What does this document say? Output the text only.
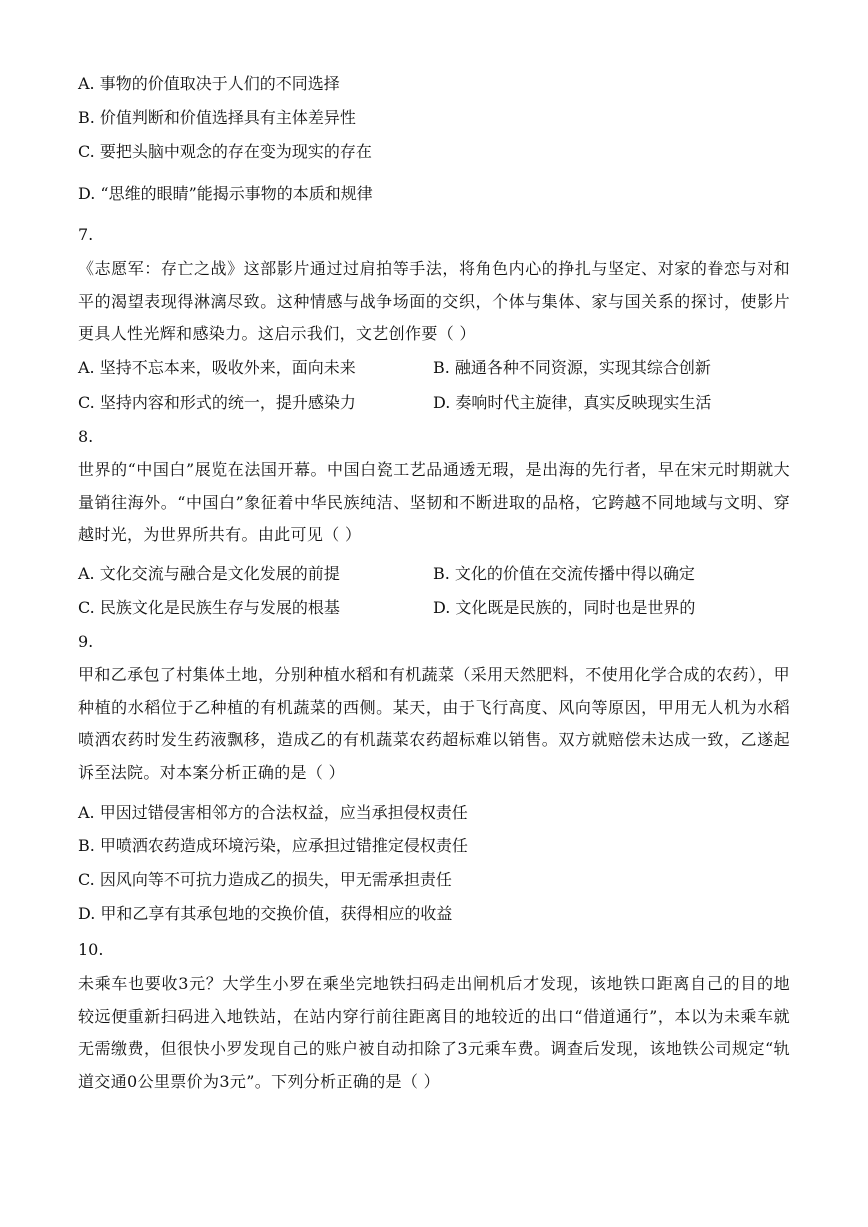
A. 事物的价值取决于人们的不同选择
B. 价值判断和价值选择具有主体差异性
C. 要把头脑中观念的存在变为现实的存在
D. “思维的眼睛”能揭示事物的本质和规律
7.
《志愿军：存亡之战》这部影片通过过肩拍等手法，将角色内心的挣扎与坚定、对家的眷恋与对和平的渴望表现得淋漓尽致。这种情感与战争场面的交织，个体与集体、家与国关系的探讨，使影片更具人性光辉和感染力。这启示我们，文艺创作要（ ）
A. 坚持不忘本来，吸收外来，面向未来	B. 融通各种不同资源，实现其综合创新
C. 坚持内容和形式的统一，提升感染力	D. 奏响时代主旋律，真实反映现实生活
8.
世界的“中国白”展览在法国开幕。中国白瓷工艺品通透无瑕，是出海的先行者，早在宋元时期就大量销往海外。“中国白”象征着中华民族纯洁、坚韧和不断进取的品格，它跨越不同地域与文明、穿越时光，为世界所共有。由此可见（ ）
A. 文化交流与融合是文化发展的前提	B. 文化的价值在交流传播中得以确定
C. 民族文化是民族生存与发展的根基	D. 文化既是民族的，同时也是世界的
9.
甲和乙承包了村集体土地，分别种植水稻和有机蔬菜（采用天然肥料，不使用化学合成的农药），甲种植的水稻位于乙种植的有机蔬菜的西侧。某天，由于飞行高度、风向等原因，甲用无人机为水稻喷洒农药时发生药液飘移，造成乙的有机蔬菜农药超标难以销售。双方就赔偿未达成一致，乙遂起诉至法院。对本案分析正确的是（ ）
A. 甲因过错侵害相邻方的合法权益，应当承担侵权责任
B. 甲喷洒农药造成环境污染，应承担过错推定侵权责任
C. 因风向等不可抗力造成乙的损失，甲无需承担责任
D. 甲和乙享有其承包地的交换价值，获得相应的收益
10.
未乘车也要收3元？大学生小罗在乘坐完地铁扫码走出闸机后才发现，该地铁口距离自己的目的地较远便重新扫码进入地铁站，在站内穿行前往距离目的地较近的出口“借道通行”，本以为未乘车就无需缴费，但很快小罗发现自己的账户被自动扣除了3元乘车费。调查后发现，该地铁公司规定“轨道交通0公里票价为3元”。下列分析正确的是（ ）
